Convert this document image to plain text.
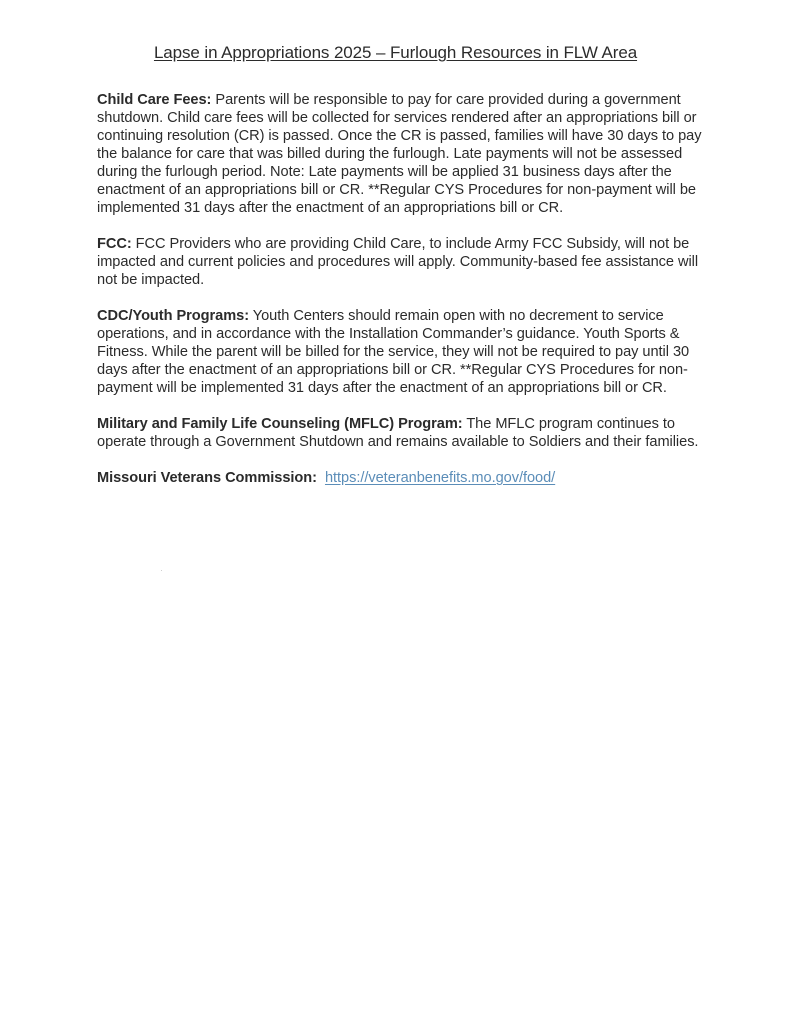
Lapse in Appropriations 2025 – Furlough Resources in FLW Area

Child Care Fees: Parents will be responsible to pay for care provided during a government shutdown. Child care fees will be collected for services rendered after an appropriations bill or continuing resolution (CR) is passed. Once the CR is passed, families will have 30 days to pay the balance for care that was billed during the furlough. Late payments will not be assessed during the furlough period. Note: Late payments will be applied 31 business days after the enactment of an appropriations bill or CR. **Regular CYS Procedures for non-payment will be implemented 31 days after the enactment of an appropriations bill or CR.

FCC: FCC Providers who are providing Child Care, to include Army FCC Subsidy, will not be impacted and current policies and procedures will apply. Community-based fee assistance will not be impacted.

CDC/Youth Programs: Youth Centers should remain open with no decrement to service operations, and in accordance with the Installation Commander’s guidance. Youth Sports & Fitness. While the parent will be billed for the service, they will not be required to pay until 30 days after the enactment of an appropriations bill or CR. **Regular CYS Procedures for non-payment will be implemented 31 days after the enactment of an appropriations bill or CR.

Military and Family Life Counseling (MFLC) Program: The MFLC program continues to operate through a Government Shutdown and remains available to Soldiers and their families.

Missouri Veterans Commission: https://veteranbenefits.mo.gov/food/
